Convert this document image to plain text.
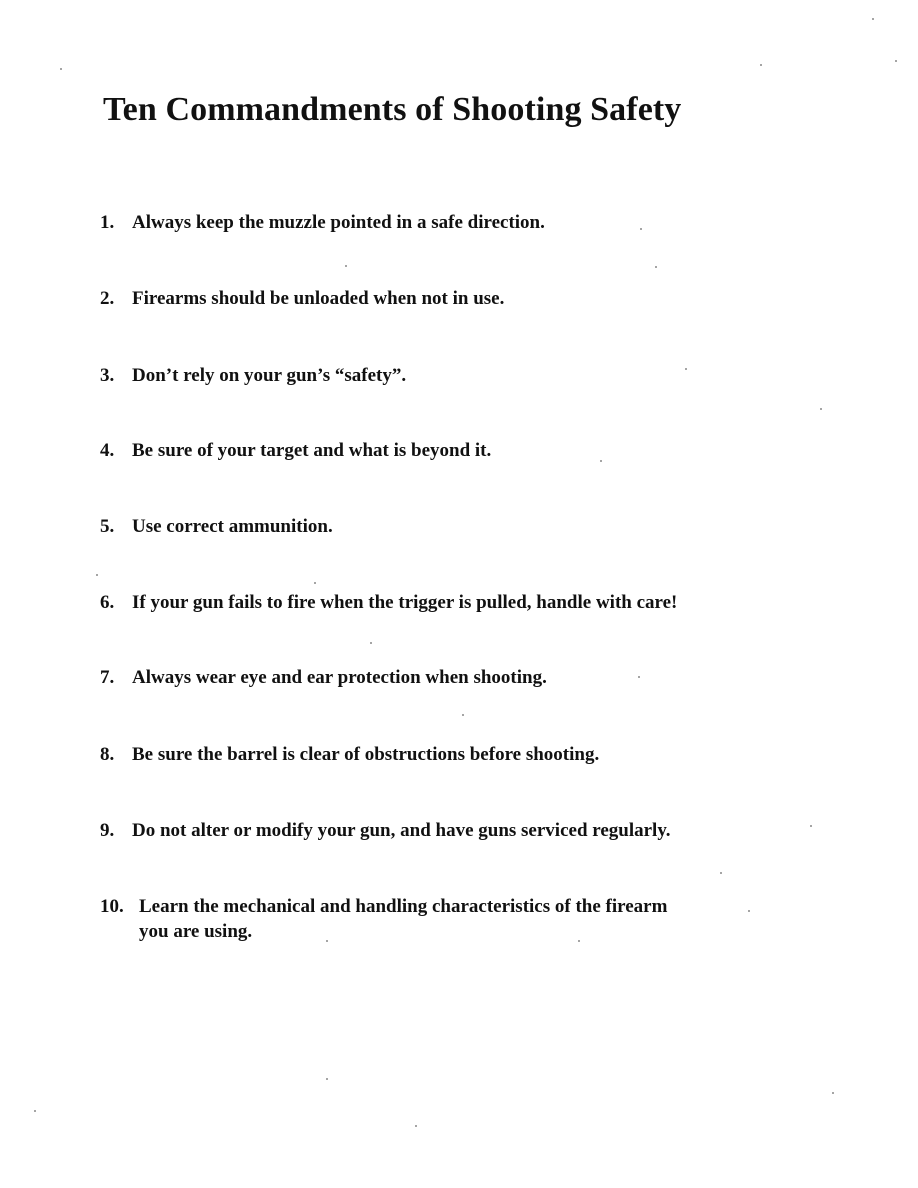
Ten Commandments of Shooting Safety
1. Always keep the muzzle pointed in a safe direction.
2. Firearms should be unloaded when not in use.
3. Don’t rely on your gun’s “safety”.
4. Be sure of your target and what is beyond it.
5. Use correct ammunition.
6. If your gun fails to fire when the trigger is pulled, handle with care!
7. Always wear eye and ear protection when shooting.
8. Be sure the barrel is clear of obstructions before shooting.
9. Do not alter or modify your gun, and have guns serviced regularly.
10. Learn the mechanical and handling characteristics of the firearm
you are using.
